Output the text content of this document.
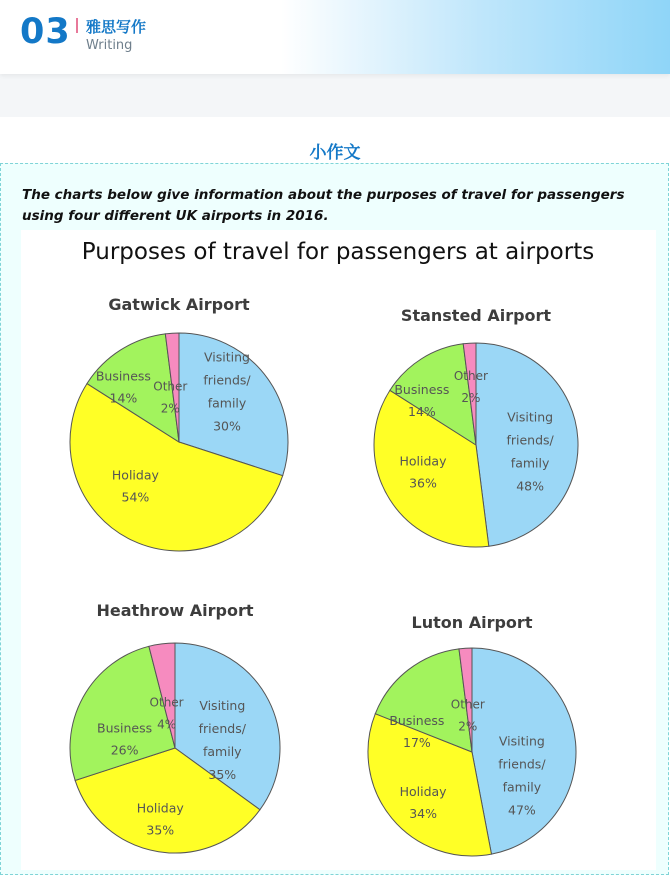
03 雅思写作
Writing
小作文
The charts below give information about the purposes of travel for passengers using four different UK airports in 2016.
Purposes of travel for passengers at airports
Gatwick Airport
Visiting friends/ family 30%
Holiday 54%
Business 14%
Other 2%
Stansted Airport
Visiting friends/ family 48%
Holiday 36%
Business 14%
Other 2%
Heathrow Airport
Visiting friends/ family 35%
Holiday 35%
Business 26%
Other 4%
Luton Airport
Visiting friends/ family 47%
Holiday 34%
Business 17%
Other 2%
